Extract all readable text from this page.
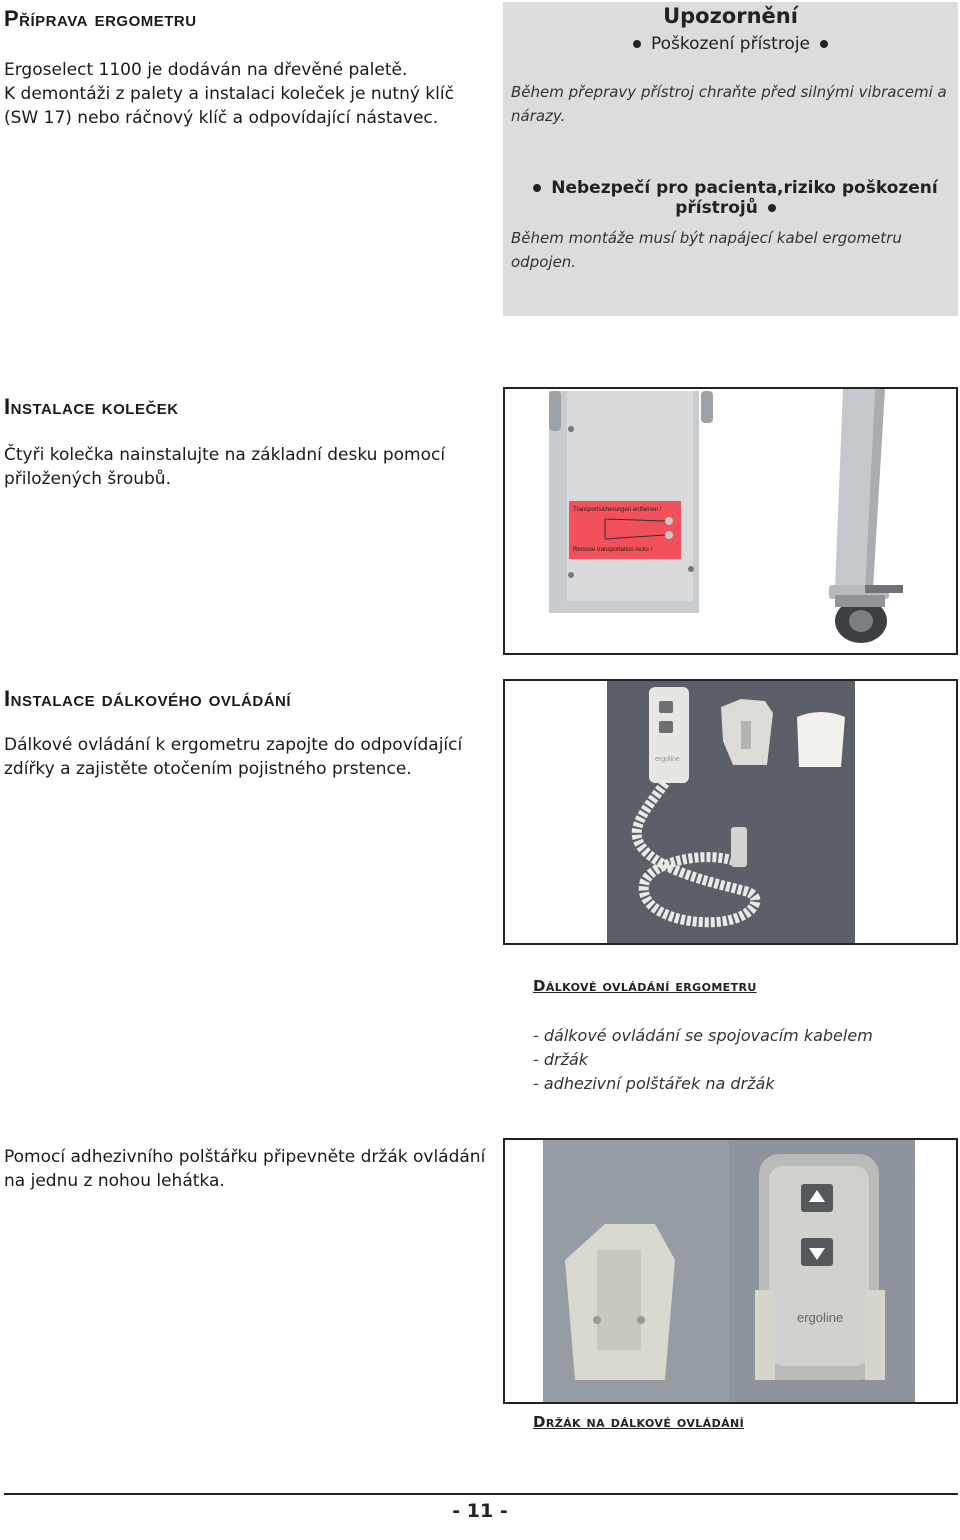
Příprava ergometru
Ergoselect 1100 je dodáván na dřevěné paletě.
K demontáži z palety a instalaci koleček je nutný klíč
(SW 17) nebo ráčnový klíč a odpovídající nástavec.
Upozornění
Poškození přístroje
Během přepravy přístroj chraňte před silnými vibracemi a
nárazy.
Nebezpečí pro pacienta,riziko poškození přístrojů
Během montáže musí být napájecí kabel ergometru odpojen.
Instalace koleček
Čtyři kolečka nainstalujte na základní desku pomocí
přiložených šroubů.
Transportsicherungen entfernen !
Remove transportation locks !
Instalace dálkového ovládání
Dálkové ovládání k ergometru zapojte do odpovídající
zdířky a zajistěte otočením pojistného prstence.	ergoline
Dálkové ovládání ergometru
- dálkové ovládání se spojovacím kabelem
- držák
- adhezivní polštářek na držák
Pomocí adhezivního polštářku připevněte držák ovládání
na jednu z nohou lehátka.
ergoline
Držák na dálkové ovládání
- 11 -
